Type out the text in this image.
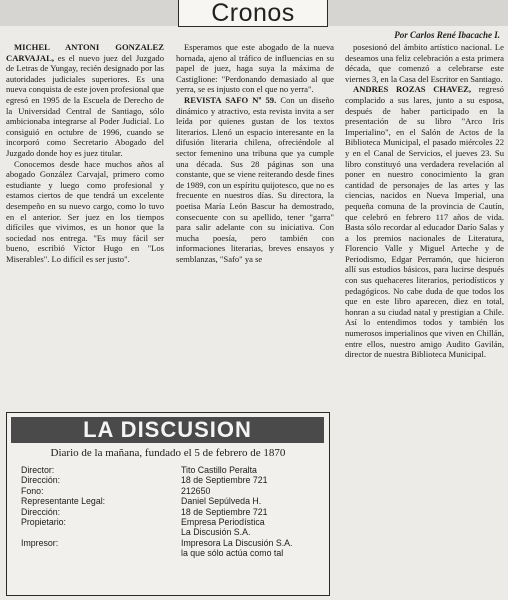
Cronos
Por Carlos René Ibacache I.

MICHEL ANTONI GONZALEZ CARVAJAL, es el nuevo juez del Juzgado de Letras de Yungay, recién designado por las autoridades judiciales superiores. Es una nueva conquista de este joven profesional que egresó en 1995 de la Escuela de Derecho de la Universidad Central de Santiago, sólo ambicionaba integrarse al Poder Judicial. Lo consiguió en octubre de 1996, cuando se incorporó como Secretario Abogado del Juzgado donde hoy es juez titular.

Conocemos desde hace muchos años al abogado González Carvajal, primero como estudiante y luego como profesional y estamos ciertos de que tendrá un excelente desempeño en su nuevo cargo, como lo tuvo en el anterior. Ser juez en los tiempos difíciles que vivimos, es un honor que la sociedad nos entrega. "Es muy fácil ser bueno, escribió Víctor Hugo en "Los Miserables". Lo difícil es ser justo".

Esperamos que este abogado de la nueva hornada, ajeno al tráfico de influencias en su papel de juez, haga suya la máxima de Castiglione: "Perdonando demasiado al que yerra, se es injusto con el que no yerra".

REVISTA SAFO Nº 59. Con un diseño dinámico y atractivo, esta revista invita a ser leída por quienes gustan de los textos literarios. Llenó un espacio interesante en la difusión literaria chilena, ofreciéndole al sector femenino una tribuna que ya cumple una década. Sus 28 páginas son una constante, que se viene reiterando desde fines de 1989, con un espíritu quijotesco, que no es frecuente en nuestros días. Su directora, la poetisa María León Bascur ha demostrado, consecuente con su apellido, tener "garra" para salir adelante con su iniciativa. Con mucha poesía, pero también con informaciones literarias, breves ensayos y semblanzas, "Safo" ya se

posesionó del ámbito artístico nacional. Le deseamos una feliz celebración a esta primera década, que comenzó a celebrarse este viernes 3, en la Casa del Escritor en Santiago.

ANDRES ROZAS CHAVEZ, regresó complacido a sus lares, junto a su esposa, después de haber participado en la presentación de su libro "Arco Iris Imperialino", en el Salón de Actos de la Biblioteca Municipal, el pasado miércoles 22 y en el Canal de Servicios, el jueves 23. Su libro constituyó una verdadera revelación al poner en nuestro conocimiento la gran cantidad de personajes de las artes y las ciencias, nacidos en Nueva Imperial, una pequeña comuna de la provincia de Cautín, que celebró en febrero 117 años de vida. Basta sólo recordar al educador Darío Salas y a los premios nacionales de Literatura, Florencio Valle y Miguel Arteche y de Periodismo, Edgar Perramón, que hicieron allí sus estudios básicos, para lucirse después con sus quehaceres literarios, periodísticos y pedagógicos. No cabe duda de que todos los que en este libro aparecen, diez en total, honran a su ciudad natal y prestigian a Chile. Así lo entendimos todos y también los numerosos imperialinos que viven en Chillán, entre ellos, nuestro amigo Audito Gavilán, director de nuestra Biblioteca Municipal.

LA DISCUSION
Diario de la mañana, fundado el 5 de febrero de 1870
Director:	Tito Castillo Peralta
Dirección:	18 de Septiembre 721
Fono:	212650
Representante Legal:	Daniel Sepúlveda H.
Dirección:	18 de Septiembre 721
Propietario:	Empresa Periodística
La Discusión S.A.
Impresor:	Impresora La Discusión S.A.
la que sólo actúa como tal
